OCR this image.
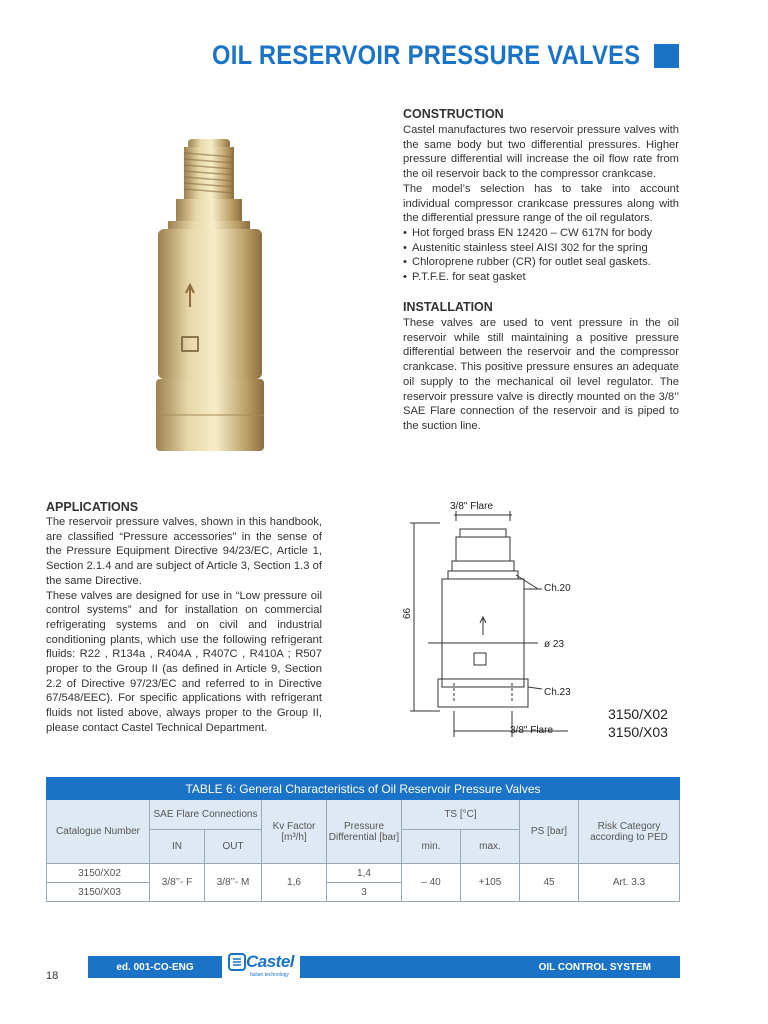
OIL RESERVOIR PRESSURE VALVES
CONSTRUCTION

Castel manufactures two reservoir pressure valves with the same body but two differential pressures. Higher pressure differential will increase the oil flow rate from the oil reservoir back to the compressor crankcase.

The model’s selection has to take into account individual compressor crankcase pressures along with the differential pressure range of the oil regulators.

• Hot forged brass EN 12420 – CW 617N for body
• Austenitic stainless steel AISI 302 for the spring
• Chloroprene rubber (CR) for outlet seal gaskets.
• P.T.F.E. for seat gasket
INSTALLATION
These valves are used to vent pressure in the oil reservoir while still maintaining a positive pressure differential between the reservoir and the compressor crankcase. This positive pressure ensures an adequate oil supply to the mechanical oil level regulator. The reservoir pressure valve is directly mounted on the 3/8’’ SAE Flare connection of the reservoir and is piped to the suction line.
APPLICATIONS

The reservoir pressure valves, shown in this handbook, are classified “Pressure accessories” in the sense of the Pressure Equipment Directive 94/23/EC, Article 1, Section 2.1.4 and are subject of Article 3, Section 1.3 of the same Directive.

These valves are designed for use in “Low pressure oil control systems” and for installation on commercial refrigerating systems and on civil and industrial conditioning plants, which use the following refrigerant fluids: R22 , R134a , R404A , R407C , R410A ; R507 proper to the Group II (as defined in Article 9, Section 2.2 of Directive 97/23/EC and referred to in Directive 67/548/EEC). For specific applications with refrigerant fluids not listed above, always proper to the Group II, please contact Castel Technical Department.

3/8" Flare
Ch.20
ø 23
Ch.23
3/8" Flare
66
3150/X02
3150/X03
TABLE 6: General Characteristics of Oil Reservoir Pressure Valves								
Catalogue Number	SAE Flare Connections		Kv Factor [m³/h]	Pressure Differential [bar]	TS [°C]		PS [bar]	Risk Category according to PED
	IN	OUT			min.	max.		
3150/X02	3/8’’- F	3/8’’- M	1,6	1,4	– 40	+105	45	Art. 3.3
3150/X03				3				
18
ed. 001-CO-ENG	Castel
Italian technology
OIL CONTROL SYSTEM
